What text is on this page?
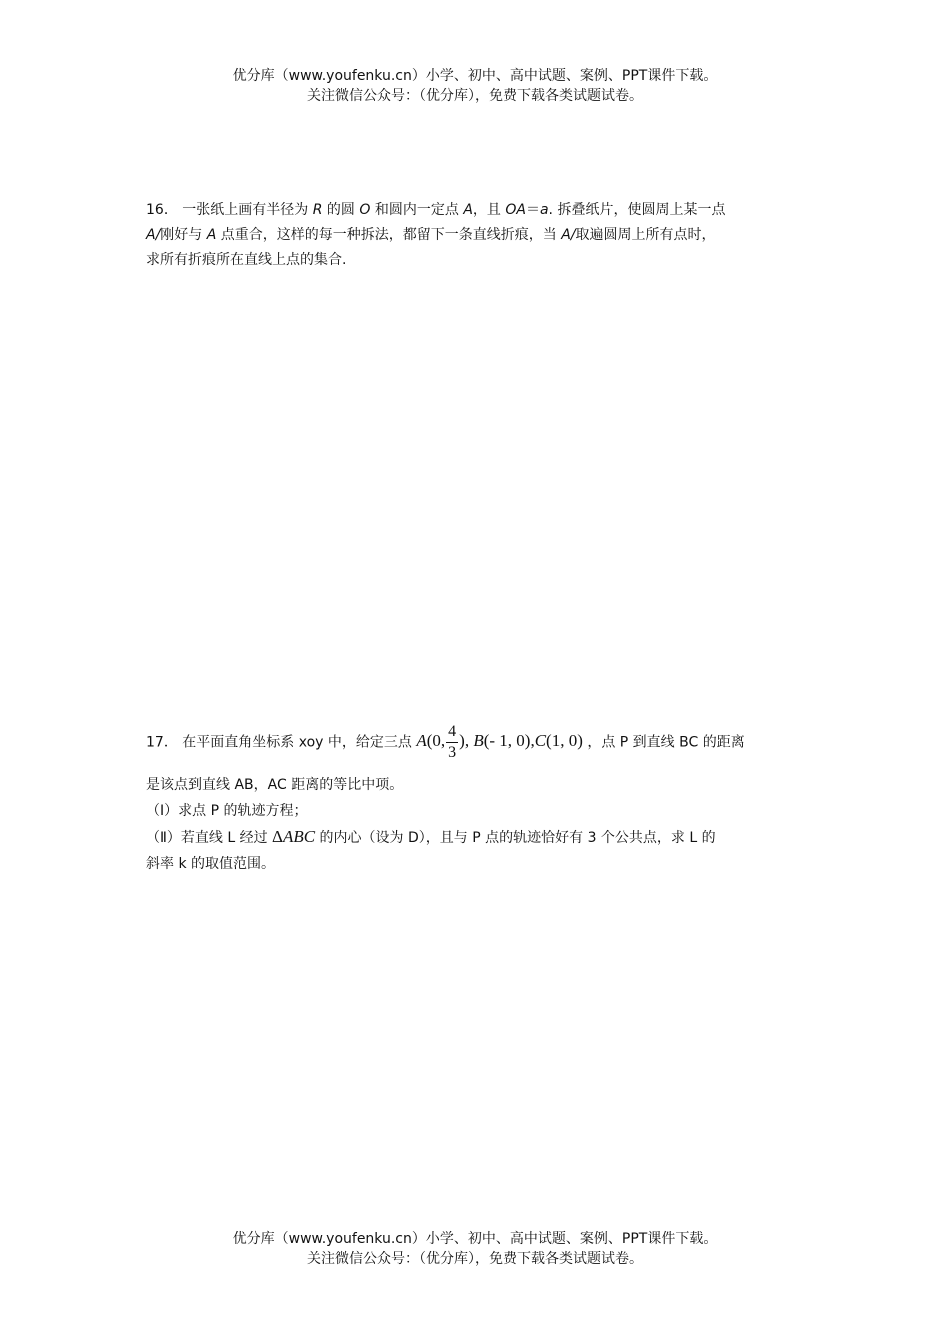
优分库（www.youfenku.cn）小学、初中、高中试题、案例、PPT课件下载。
关注微信公众号：（优分库），免费下载各类试题试卷。
16． 一张纸上画有半径为 R 的圆 O 和圆内一定点 A，且 OA＝a. 拆叠纸片，使圆周上某一点
A/刚好与 A 点重合，这样的每一种拆法，都留下一条直线折痕，当 A/取遍圆周上所有点时，
求所有折痕所在直线上点的集合.
17． 在平面直角坐标系 xoy 中，给定三点 A(0, $\frac{4}{3}$ ), B(- 1, 0),C(1, 0) ，点 P 到直线 BC 的距离
是该点到直线 AB，AC 距离的等比中项。
（Ⅰ）求点 P 的轨迹方程；
（Ⅱ）若直线 L 经过 ΔABC 的内心（设为 D），且与 P 点的轨迹恰好有 3 个公共点，求 L 的
斜率 k 的取值范围。
优分库（www.youfenku.cn）小学、初中、高中试题、案例、PPT课件下载。
关注微信公众号：（优分库），免费下载各类试题试卷。
